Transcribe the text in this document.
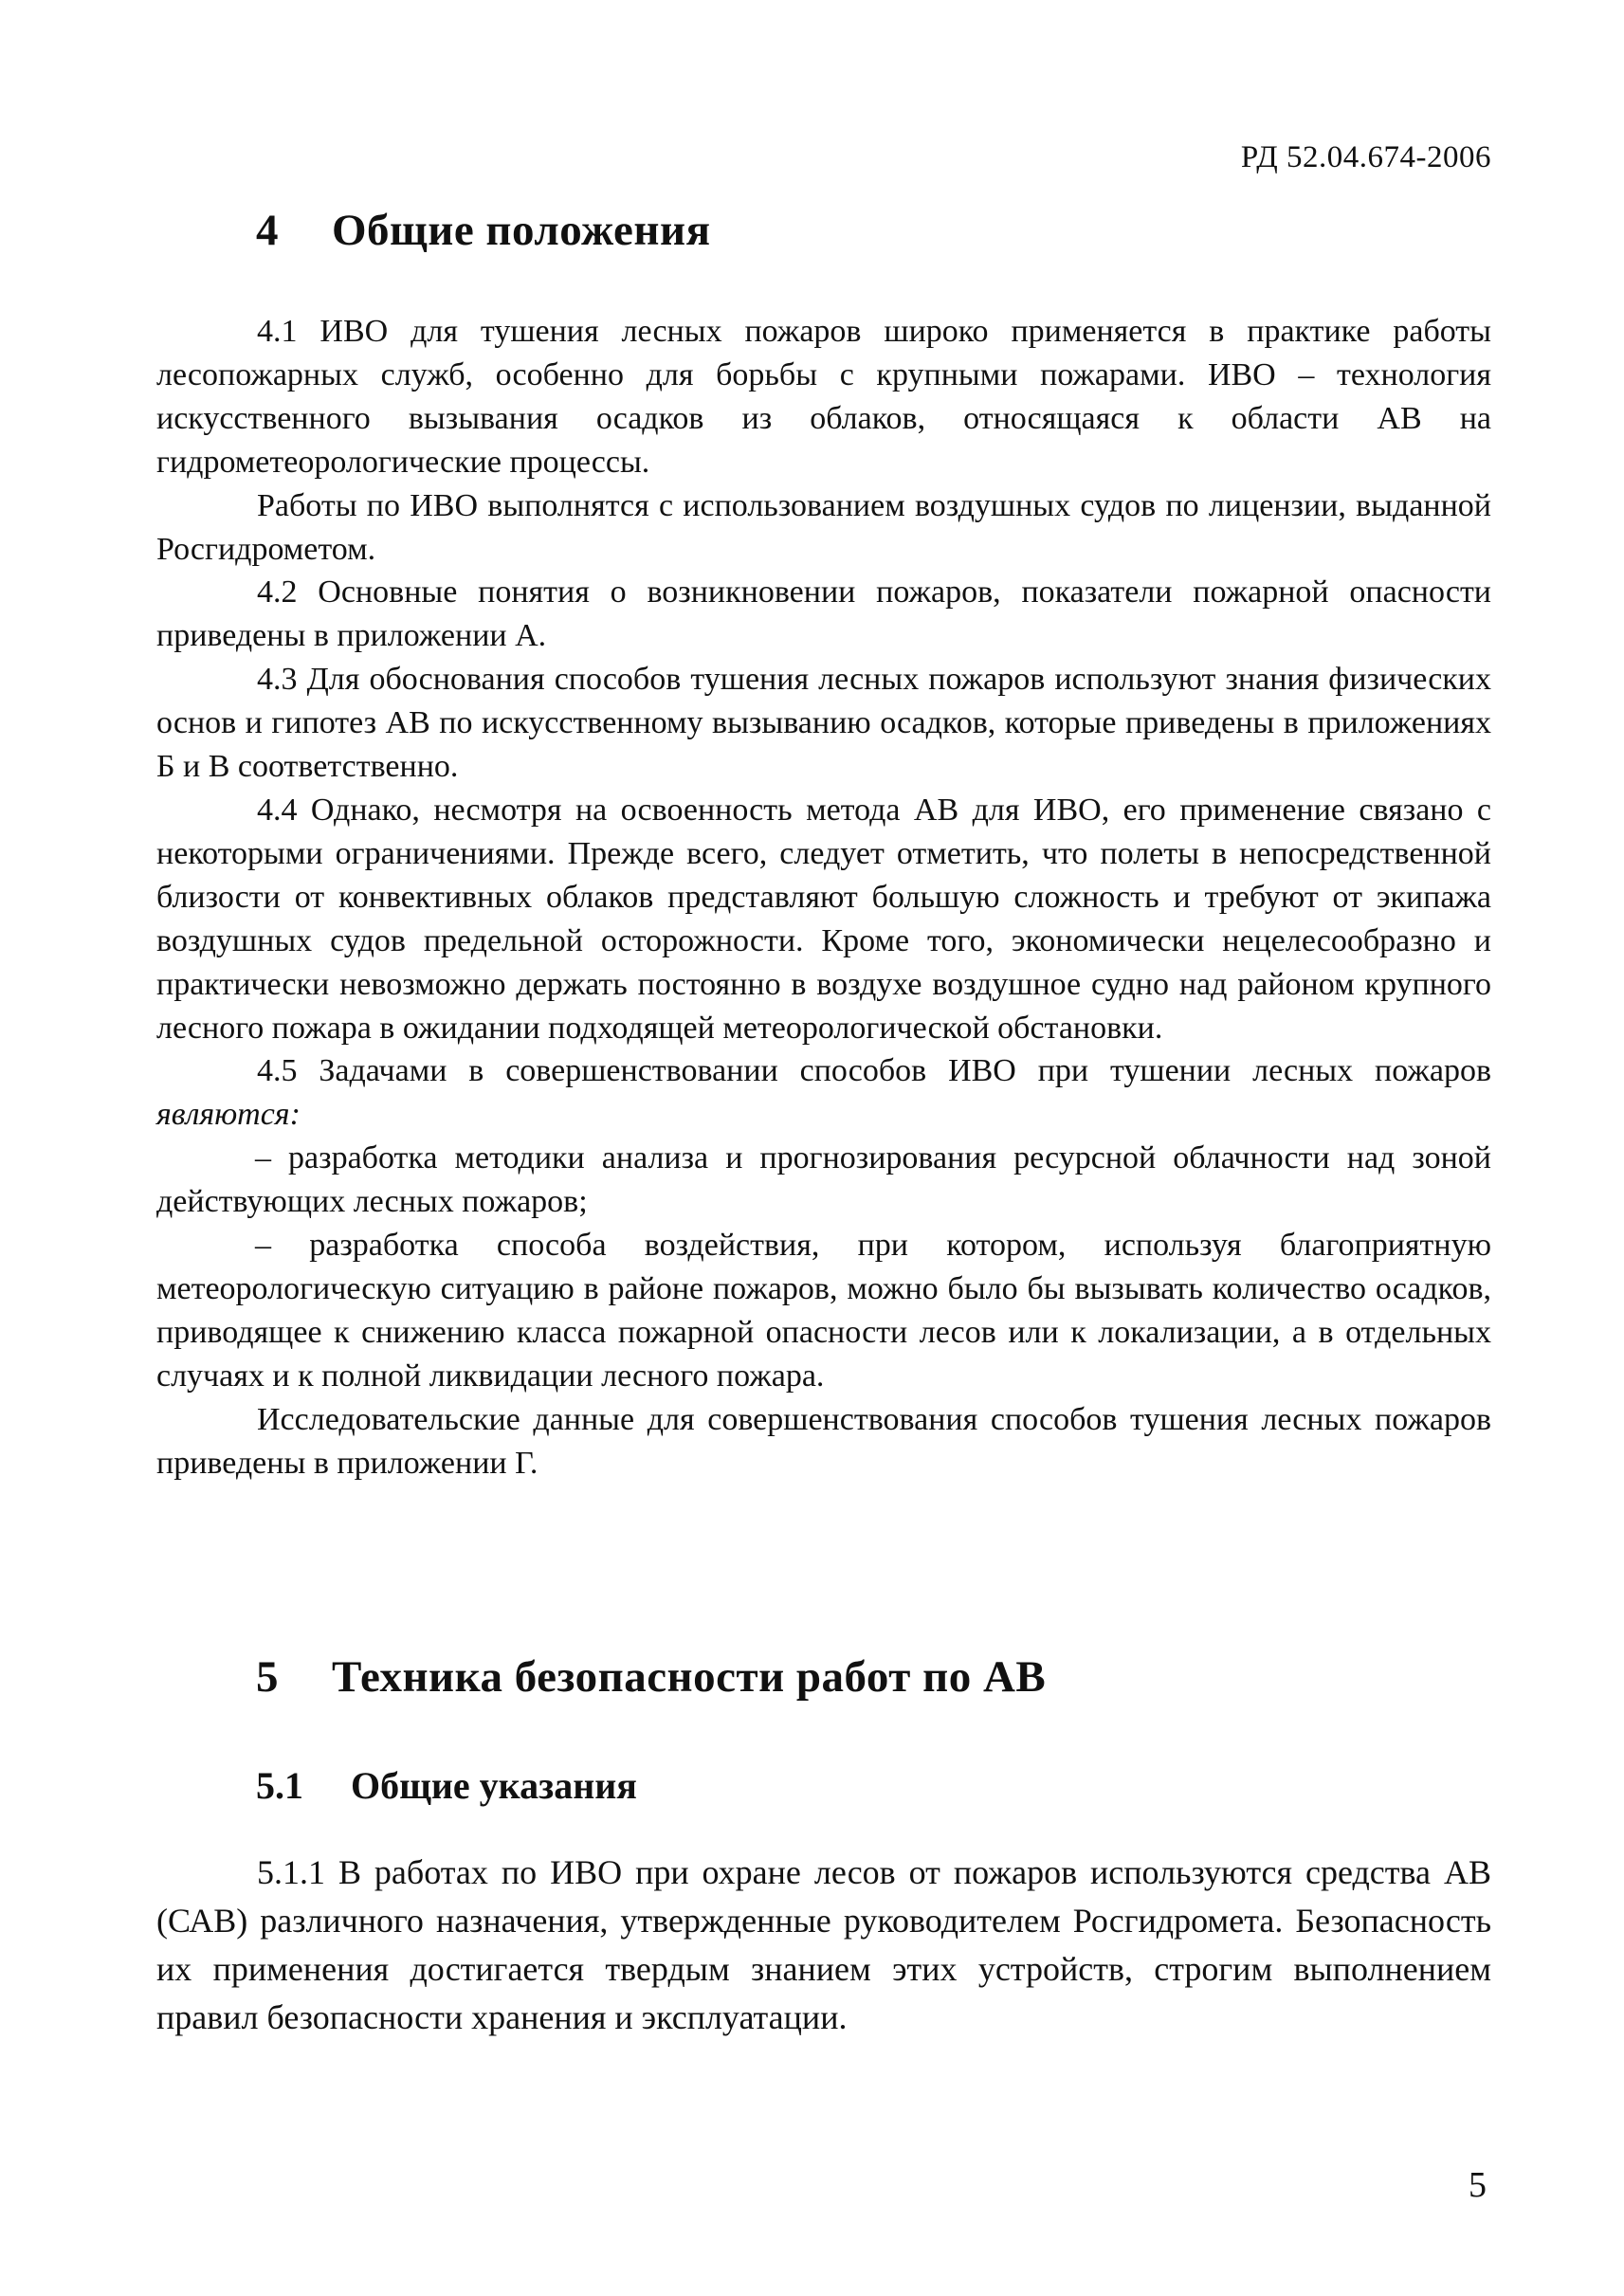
РД 52.04.674-2006
4 Общие положения

4.1 ИВО для тушения лесных пожаров широко применяется в практике работы лесопожарных служб, особенно для борьбы с крупными пожарами. ИВО – технология искусственного вызывания осадков из облаков, относящаяся к области АВ на гидрометеорологические процессы.

Работы по ИВО выполнятся с использованием воздушных судов по лицензии, выданной Росгидрометом.

4.2 Основные понятия о возникновении пожаров, показатели пожарной опасности приведены в приложении А.

4.3 Для обоснования способов тушения лесных пожаров используют знания физических основ и гипотез АВ по искусственному вызыванию осадков, которые приведены в приложениях Б и В соответственно.

4.4 Однако, несмотря на освоенность метода АВ для ИВО, его применение связано с некоторыми ограничениями. Прежде всего, следует отметить, что полеты в непосредственной близости от конвективных облаков представляют большую сложность и требуют от экипажа воздушных судов предельной осторожности. Кроме того, экономически нецелесообразно и практически невозможно держать постоянно в воздухе воздушное судно над районом крупного лесного пожара в ожидании подходящей метеорологической обстановки.

4.5 Задачами в совершенствовании способов ИВО при тушении лесных пожаров являются:

– разработка методики анализа и прогнозирования ресурсной облачности над зоной действующих лесных пожаров;

– разработка способа воздействия, при котором, используя благоприятную метеорологическую ситуацию в районе пожаров, можно было бы вызывать количество осадков, приводящее к снижению класса пожарной опасности лесов или к локализации, а в отдельных случаях и к полной ликвидации лесного пожара.

Исследовательские данные для совершенствования способов тушения лесных пожаров приведены в приложении Г.

5 Техника безопасности работ по АВ
5.1 Общие указания

5.1.1 В работах по ИВО при охране лесов от пожаров используются средства АВ (САВ) различного назначения, утвержденные руководителем Росгидромета. Безопасность их применения достигается твердым знанием этих устройств, строгим выполнением правил безопасности хранения и эксплуатации.

5
